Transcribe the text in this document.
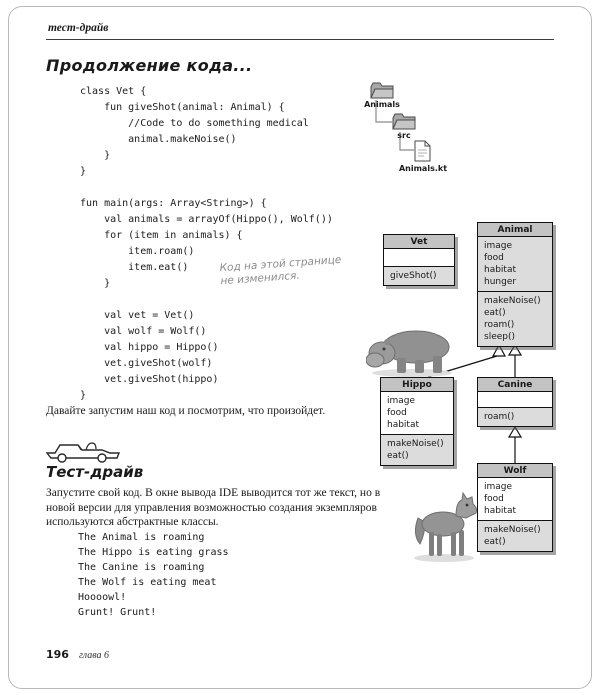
тест-драйв
Продолжение кода...
class Vet {
fun giveShot(animal: Animal) {
//Code to do something medical
animal.makeNoise()
}
}
fun main(args: Array<String>) {
val animals = arrayOf(Hippo(), Wolf())
for (item in animals) {
item.roam()
item.eat()
}
val vet = Vet()
val wolf = Wolf()
val hippo = Hippo()
vet.giveShot(wolf)
vet.giveShot(hippo)
}
Код на этой странице не изменился.
Animals
src
Animals.kt
Vet
giveShot()
Animal
image
food
habitat
hunger
makeNoise()
eat()
roam()
sleep()
Hippo
image
food
habitat
makeNoise()
eat()
Canine
roam()
Wolf
image
food
habitat
makeNoise()
eat()
Давайте запустим наш код и посмотрим, что произойдет.
Тест-драйв
Запустите свой код. В окне вывода IDE выводится тот же текст, но в новой версии для управления возможностью создания экземпляров используются абстрактные классы.
The Animal is roaming
The Hippo is eating grass
The Canine is roaming
The Wolf is eating meat
Hoooowl!
Grunt! Grunt!
196 глава 6
